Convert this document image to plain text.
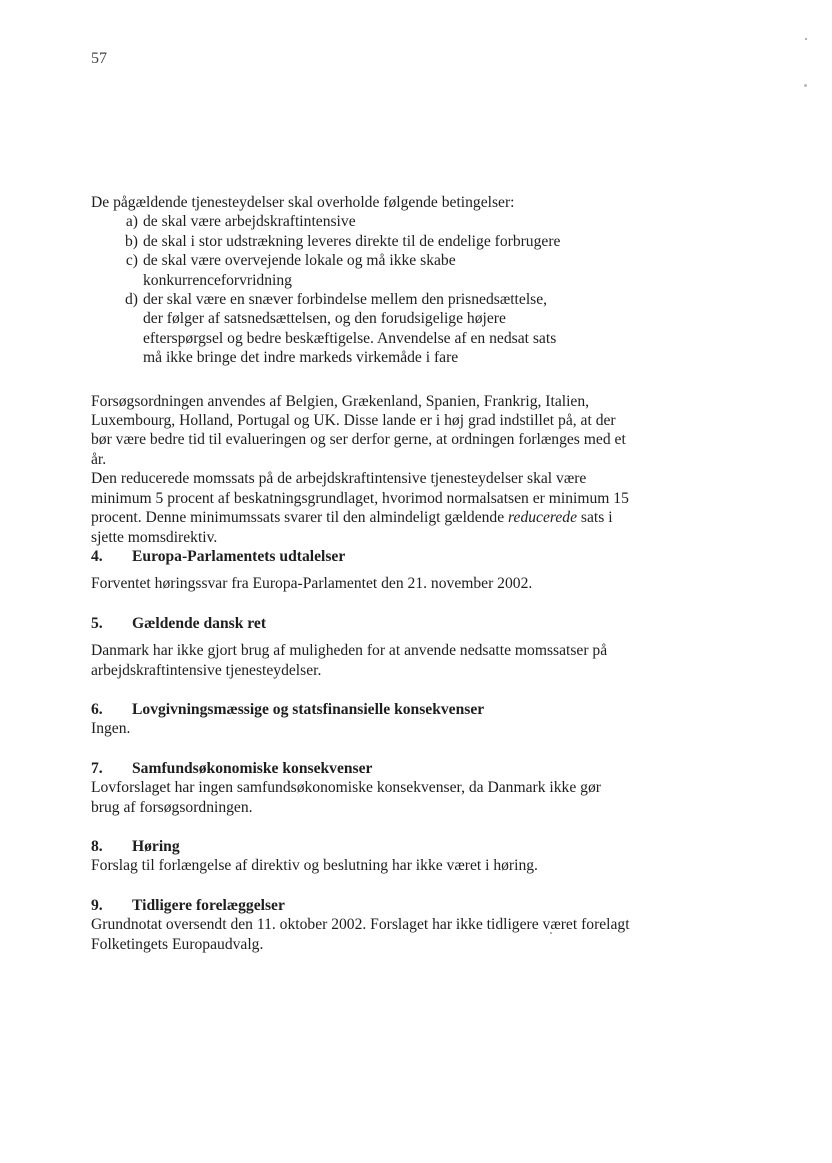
57

De pågældende tjenesteydelser skal overholde følgende betingelser:

a) de skal være arbejdskraftintensive
b) de skal i stor udstrækning leveres direkte til de endelige forbrugere
c) de skal være overvejende lokale og må ikke skabe konkurrenceforvridning
d) der skal være en snæver forbindelse mellem den prisnedsættelse, der følger af satsnedsættelsen, og den forudsigelige højere efterspørgsel og bedre beskæftigelse. Anvendelse af en nedsat sats må ikke bringe det indre markeds virkemåde i fare

Forsøgsordningen anvendes af Belgien, Grækenland, Spanien, Frankrig, Italien, Luxembourg, Holland, Portugal og UK. Disse lande er i høj grad indstillet på, at der bør være bedre tid til evalueringen og ser derfor gerne, at ordningen forlænges med et år.

Den reducerede momssats på de arbejdskraftintensive tjenesteydelser skal være minimum 5 procent af beskatningsgrundlaget, hvorimod normalsatsen er minimum 15 procent. Denne minimumssats svarer til den almindeligt gældende reducerede sats i sjette momsdirektiv.

4.	Europa-Parlamentets udtalelser

Forventet høringssvar fra Europa-Parlamentet den 21. november 2002.

5.	Gældende dansk ret

Danmark har ikke gjort brug af muligheden for at anvende nedsatte momssatser på arbejdskraftintensive tjenesteydelser.

6.	Lovgivningsmæssige og statsfinansielle konsekvenser

Ingen.

7.	Samfundsøkonomiske konsekvenser

Lovforslaget har ingen samfundsøkonomiske konsekvenser, da Danmark ikke gør brug af forsøgsordningen.

8.	Høring

Forslag til forlængelse af direktiv og beslutning har ikke været i høring.

9.	Tidligere forelæggelser

Grundnotat oversendt den 11. oktober 2002. Forslaget har ikke tidligere været forelagt Folketingets Europaudvalg.
